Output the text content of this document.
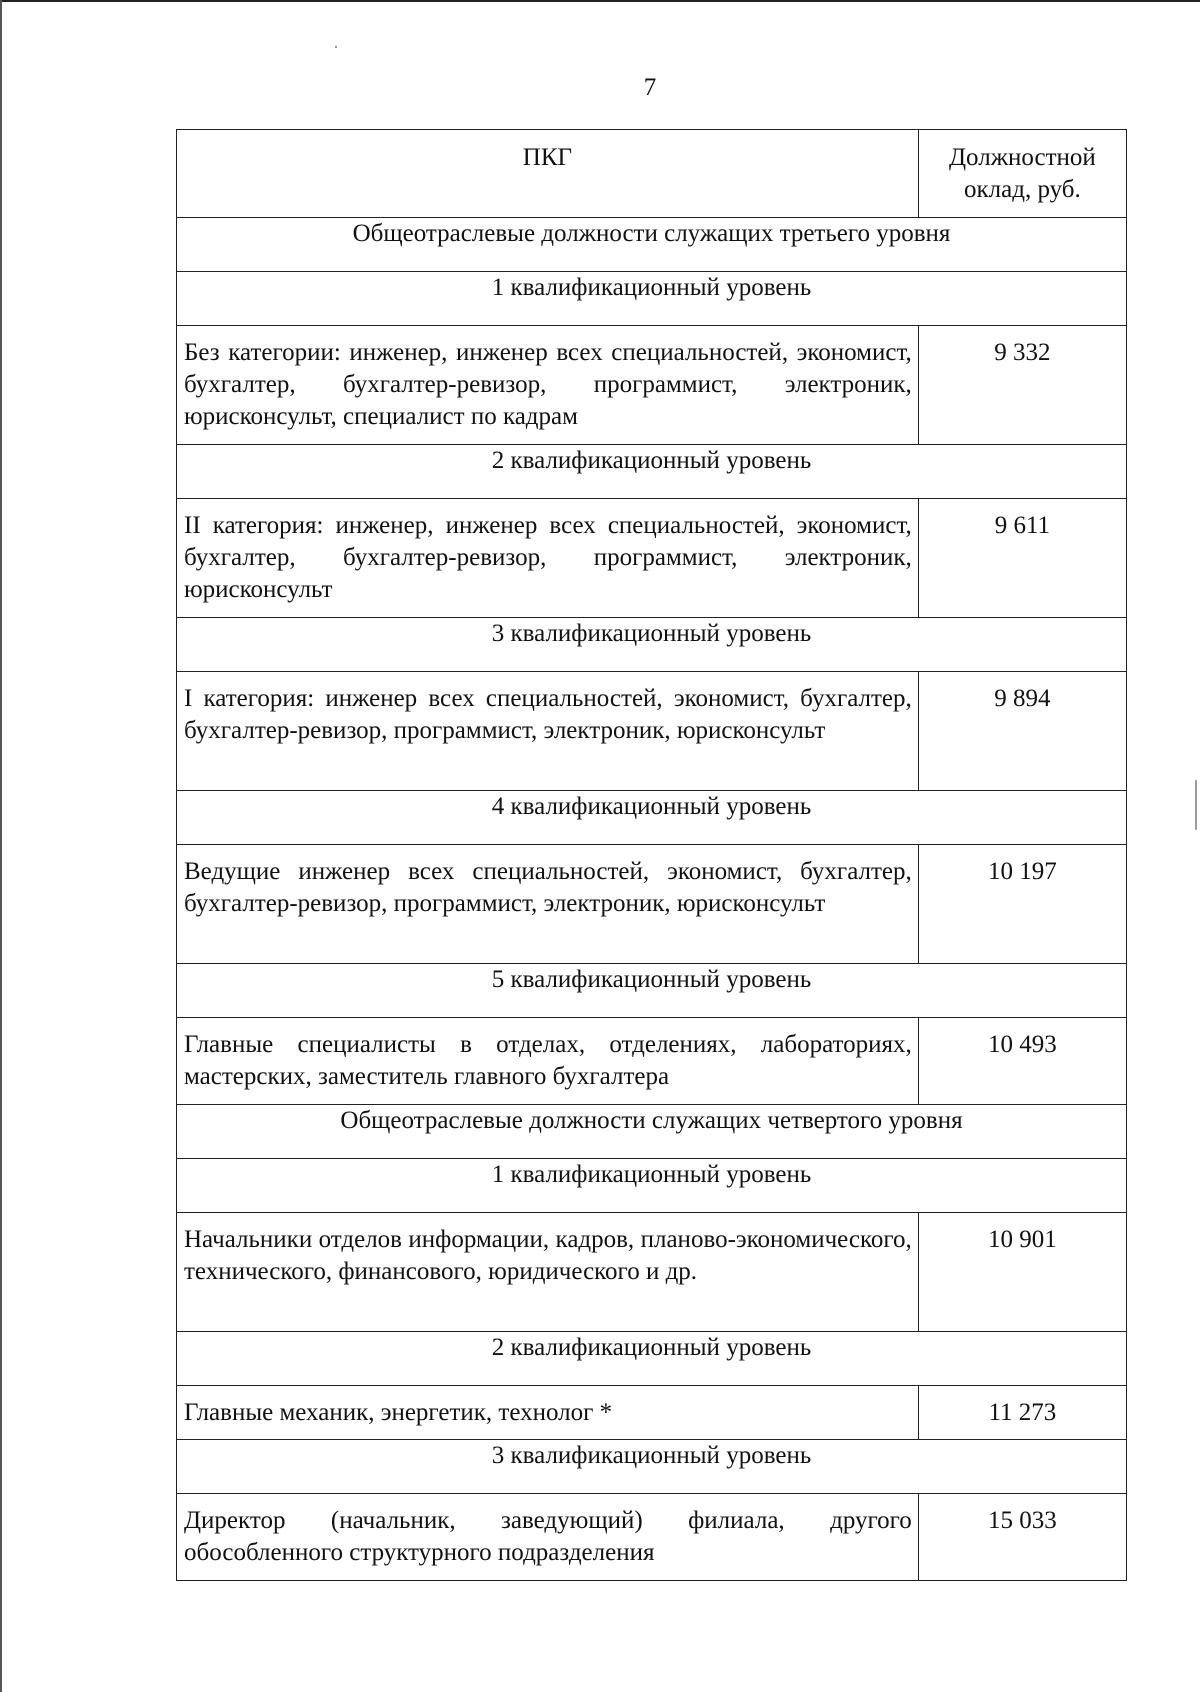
7
ПКГ	Должностной оклад, руб.
Общеотраслевые должности служащих третьего уровня	
1 квалификационный уровень	
Без категории: инженер, инженер всех специальностей, экономист, бухгалтер, бухгалтер-ревизор, программист, электроник, юрисконсульт, специалист по кадрам	9 332
2 квалификационный уровень	
II категория: инженер, инженер всех специальностей, экономист, бухгалтер, бухгалтер-ревизор, программист, электроник, юрисконсульт	9 611
3 квалификационный уровень	
I категория: инженер всех специальностей, экономист, бухгалтер, бухгалтер-ревизор, программист, электроник, юрисконсульт	9 894
4 квалификационный уровень	
Ведущие инженер всех специальностей, экономист, бухгалтер, бухгалтер-ревизор, программист, электроник, юрисконсульт	10 197
5 квалификационный уровень	
Главные специалисты в отделах, отделениях, лабораториях, мастерских, заместитель главного бухгалтера	10 493
Общеотраслевые должности служащих четвертого уровня	
1 квалификационный уровень	
Начальники отделов информации, кадров, планово-экономического, технического, финансового, юридического и др.	10 901
2 квалификационный уровень	
Главные механик, энергетик, технолог *	11 273
3 квалификационный уровень	
Директор (начальник, заведующий) филиала, другого обособленного структурного подразделения	15 033
